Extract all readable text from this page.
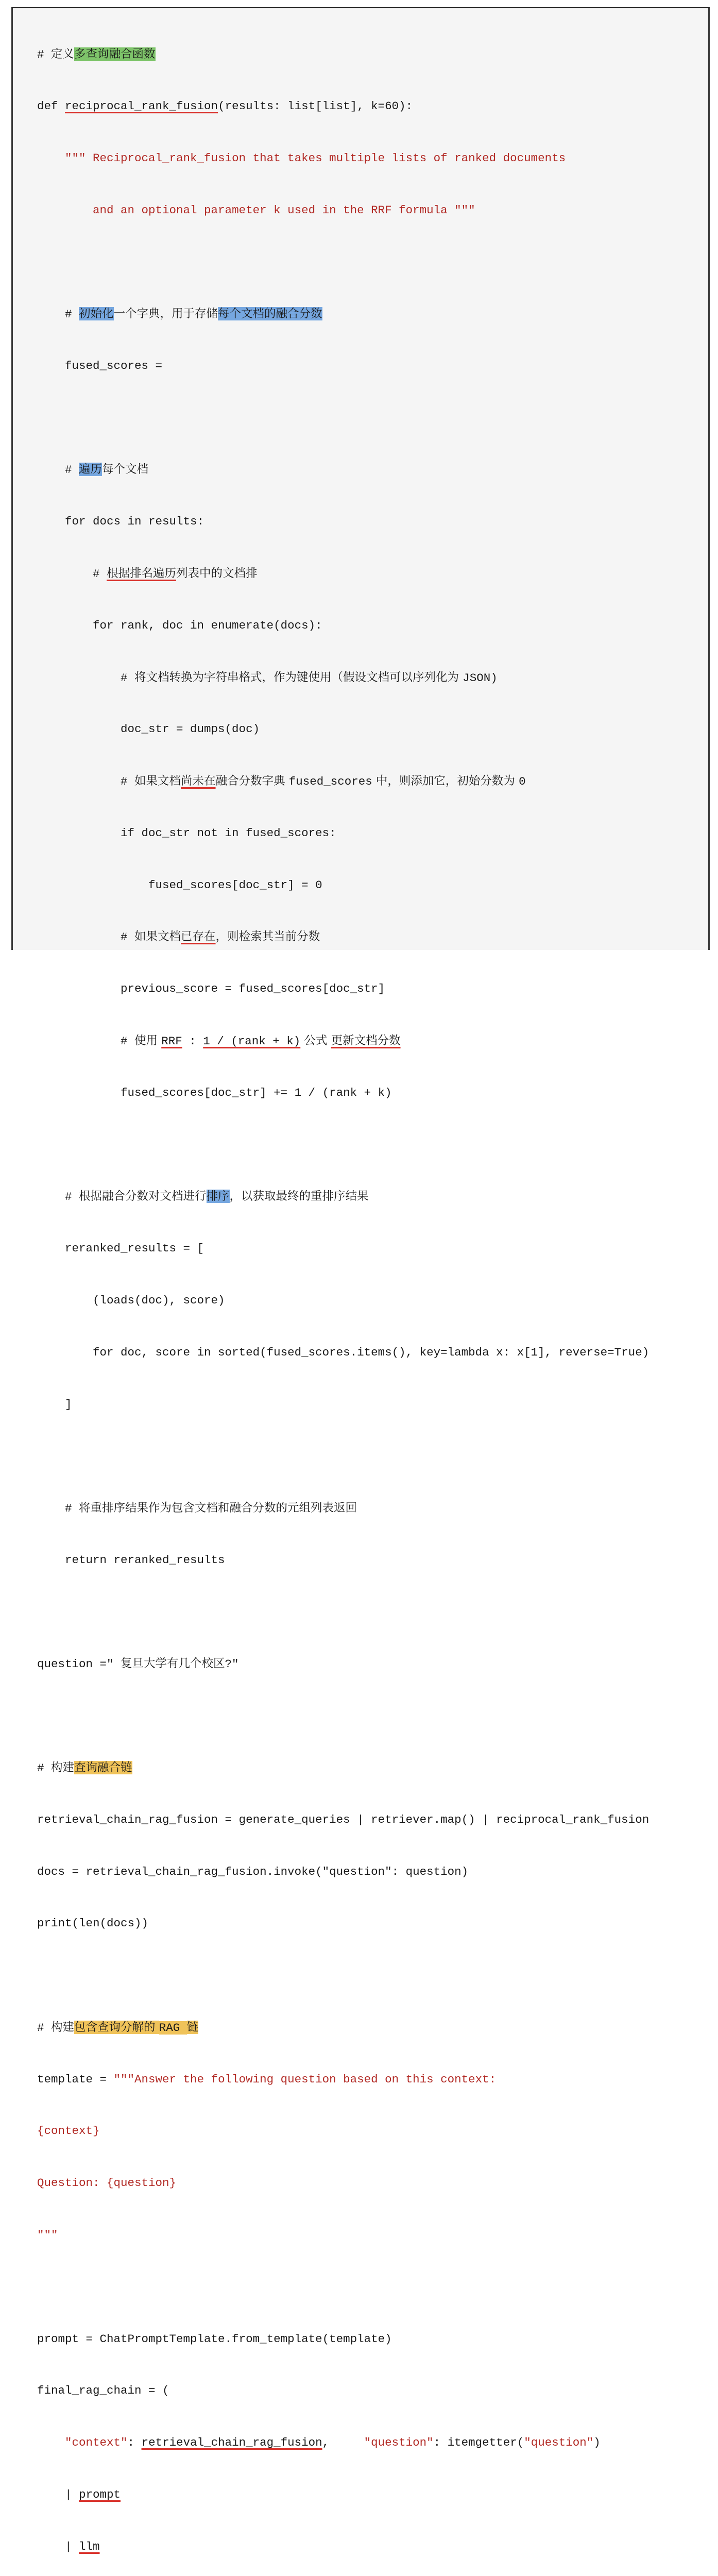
# 定义多查询融合函数

def reciprocal_rank_fusion(results: list[list], k=60):

""" Reciprocal_rank_fusion that takes multiple lists of ranked documents

and an optional parameter k used in the RRF formula """

# 初始化一个字典，用于存储每个文档的融合分数

fused_scores =

# 遍历每个文档

for docs in results:

# 根据排名遍历列表中的文档排

for rank, doc in enumerate(docs):

# 将文档转换为字符串格式，作为键使用（假设文档可以序列化为 JSON)

doc_str = dumps(doc)

# 如果文档尚未在融合分数字典 fused_scores 中，则添加它，初始分数为 0

if doc_str not in fused_scores:

fused_scores[doc_str] = 0

# 如果文档已存在，则检索其当前分数

previous_score = fused_scores[doc_str]

# 使用 RRF : 1 / (rank + k) 公式 更新文档分数

fused_scores[doc_str] += 1 / (rank + k)

# 根据融合分数对文档进行排序，以获取最终的重排序结果

reranked_results = [

(loads(doc), score)

for doc, score in sorted(fused_scores.items(), key=lambda x: x[1], reverse=True)

]

# 将重排序结果作为包含文档和融合分数的元组列表返回

return reranked_results

question =" 复旦大学有几个校区?"

# 构建查询融合链

retrieval_chain_rag_fusion = generate_queries | retriever.map() | reciprocal_rank_fusion

docs = retrieval_chain_rag_fusion.invoke("question": question)

print(len(docs))

# 构建包含查询分解的 RAG 链

template = """Answer the following question based on this context:

{context}

Question: {question}

"""

prompt = ChatPromptTemplate.from_template(template)

final_rag_chain = (

"context": retrieval_chain_rag_fusion,     "question": itemgetter("question")

| prompt

| llm
